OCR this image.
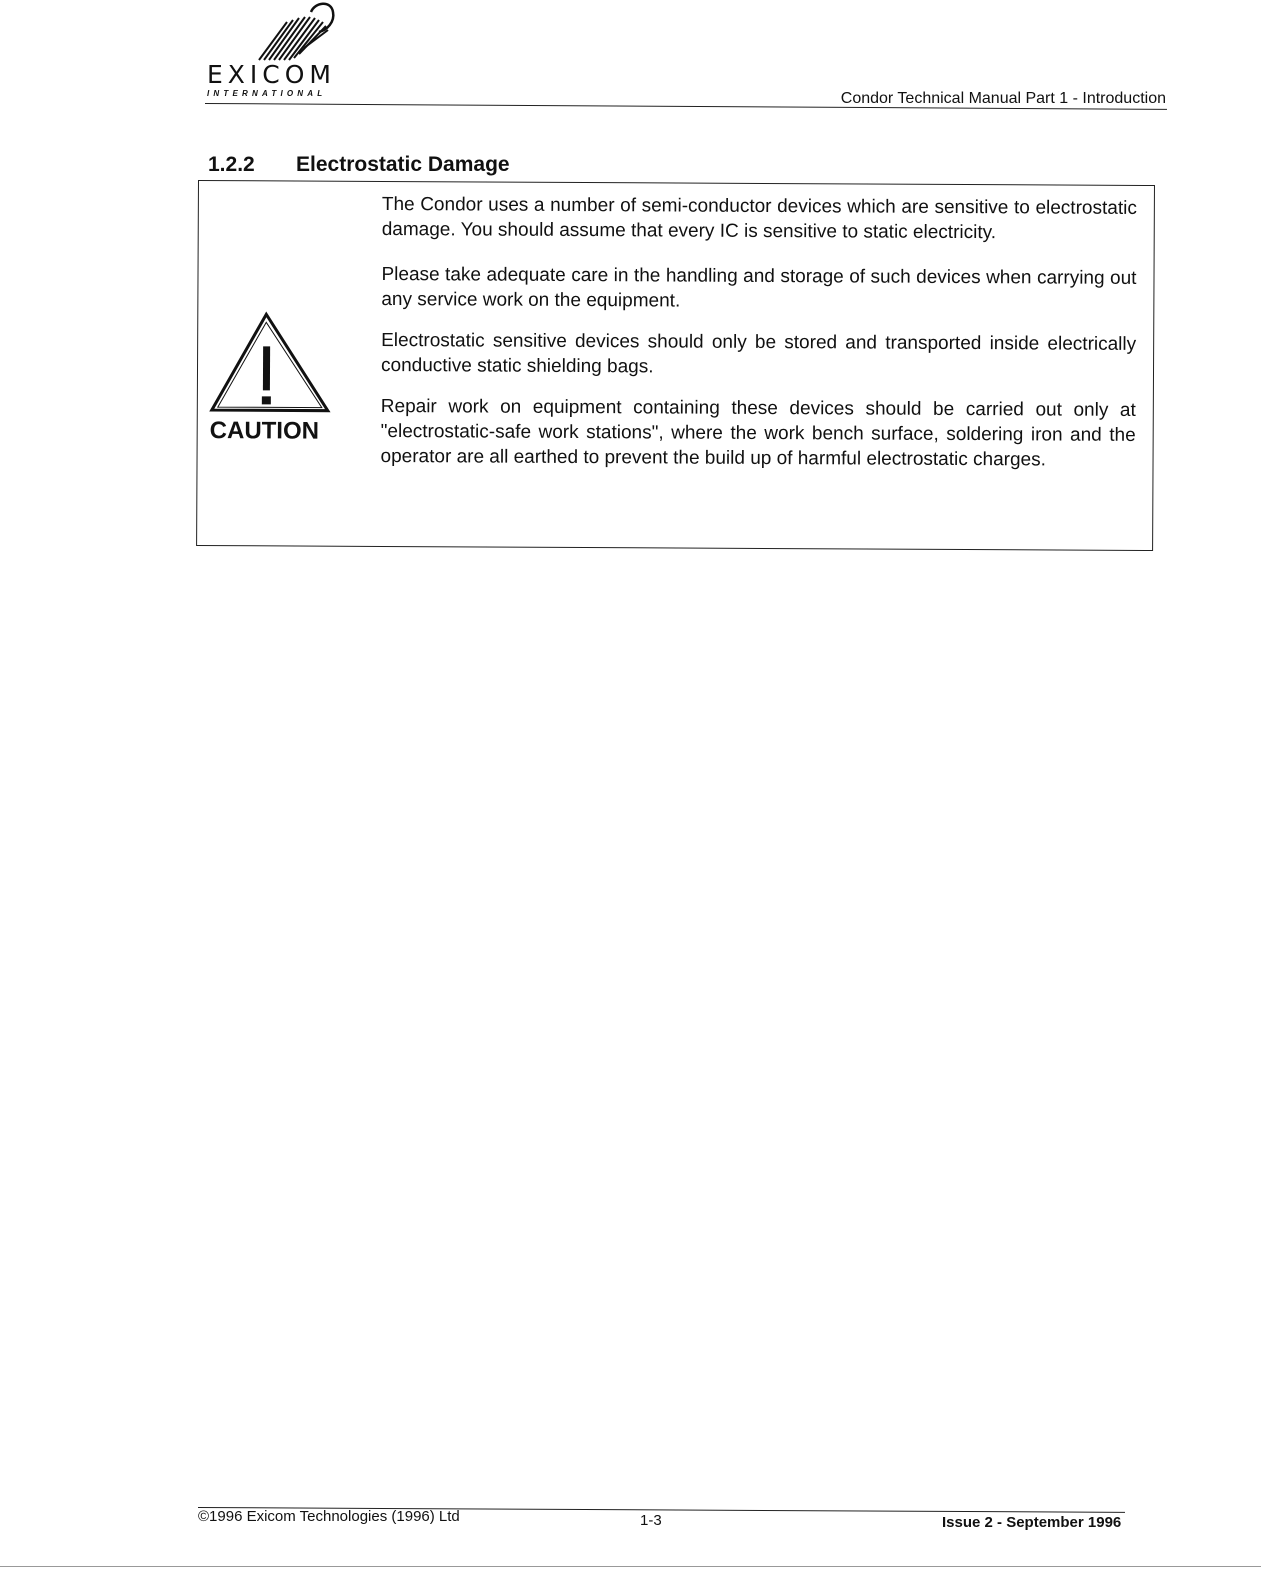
EXICOM
INTERNATIONAL	Condor Technical Manual Part 1 - Introduction
1.2.2 Electrostatic Damage
CAUTION

The Condor uses a number of semi-conductor devices which are sensitive to electrostatic damage. You should assume that every IC is sensitive to static electricity.

Please take adequate care in the handling and storage of such devices when carrying out any service work on the equipment.

Electrostatic sensitive devices should only be stored and transported inside electrically conductive static shielding bags.

Repair work on equipment containing these devices should be carried out only at "electrostatic-safe work stations", where the work bench surface, soldering iron and the operator are all earthed to prevent the build up of harmful electrostatic charges.

©1996 Exicom Technologies (1996) Ltd	1-3	Issue 2 - September 1996
